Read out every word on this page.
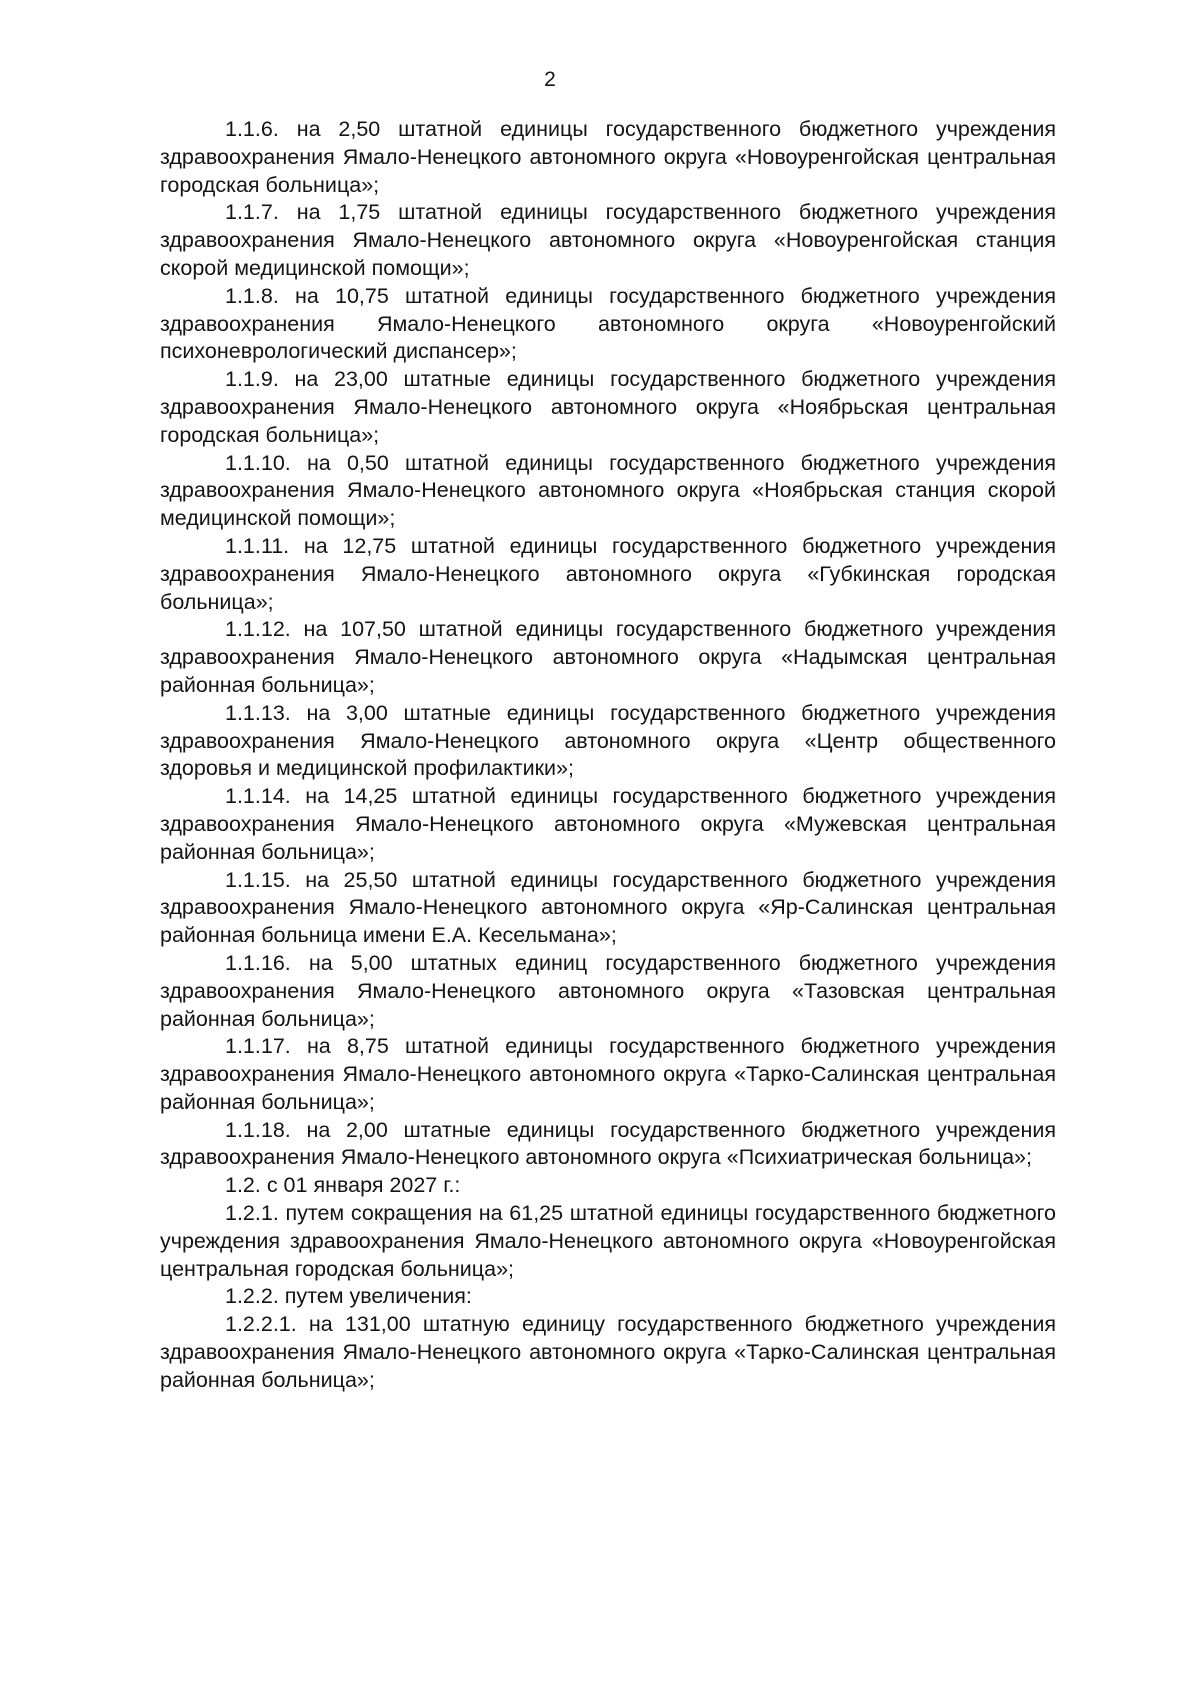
2

1.1.6. на 2,50 штатной единицы государственного бюджетного учреждения здравоохранения Ямало-Ненецкого автономного округа «Новоуренгойская центральная городская больница»;

1.1.7. на 1,75 штатной единицы государственного бюджетного учреждения здравоохранения Ямало-Ненецкого автономного округа «Новоуренгойская станция скорой медицинской помощи»;

1.1.8. на 10,75 штатной единицы государственного бюджетного учреждения здравоохранения Ямало-Ненецкого автономного округа «Новоуренгойский психоневрологический диспансер»;

1.1.9. на 23,00 штатные единицы государственного бюджетного учреждения здравоохранения Ямало-Ненецкого автономного округа «Ноябрьская центральная городская больница»;

1.1.10. на 0,50 штатной единицы государственного бюджетного учреждения здравоохранения Ямало-Ненецкого автономного округа «Ноябрьская станция скорой медицинской помощи»;

1.1.11. на 12,75 штатной единицы государственного бюджетного учреждения здравоохранения Ямало-Ненецкого автономного округа «Губкинская городская больница»;

1.1.12. на 107,50 штатной единицы государственного бюджетного учреждения здравоохранения Ямало-Ненецкого автономного округа «Надымская центральная районная больница»;

1.1.13. на 3,00 штатные единицы государственного бюджетного учреждения здравоохранения Ямало-Ненецкого автономного округа «Центр общественного здоровья и медицинской профилактики»;

1.1.14. на 14,25 штатной единицы государственного бюджетного учреждения здравоохранения Ямало-Ненецкого автономного округа «Мужевская центральная районная больница»;

1.1.15. на 25,50 штатной единицы государственного бюджетного учреждения здравоохранения Ямало-Ненецкого автономного округа «Яр-Салинская центральная районная больница имени Е.А. Кесельмана»;

1.1.16. на 5,00 штатных единиц государственного бюджетного учреждения здравоохранения Ямало-Ненецкого автономного округа «Тазовская центральная районная больница»;

1.1.17. на 8,75 штатной единицы государственного бюджетного учреждения здравоохранения Ямало-Ненецкого автономного округа «Тарко-Салинская центральная районная больница»;

1.1.18. на 2,00 штатные единицы государственного бюджетного учреждения здравоохранения Ямало-Ненецкого автономного округа «Психиатрическая больница»;

1.2. с 01 января 2027 г.:

1.2.1. путем сокращения на 61,25 штатной единицы государственного бюджетного учреждения здравоохранения Ямало-Ненецкого автономного округа «Новоуренгойская центральная городская больница»;

1.2.2. путем увеличения:

1.2.2.1. на 131,00 штатную единицу государственного бюджетного учреждения здравоохранения Ямало-Ненецкого автономного округа «Тарко-Салинская центральная районная больница»;
